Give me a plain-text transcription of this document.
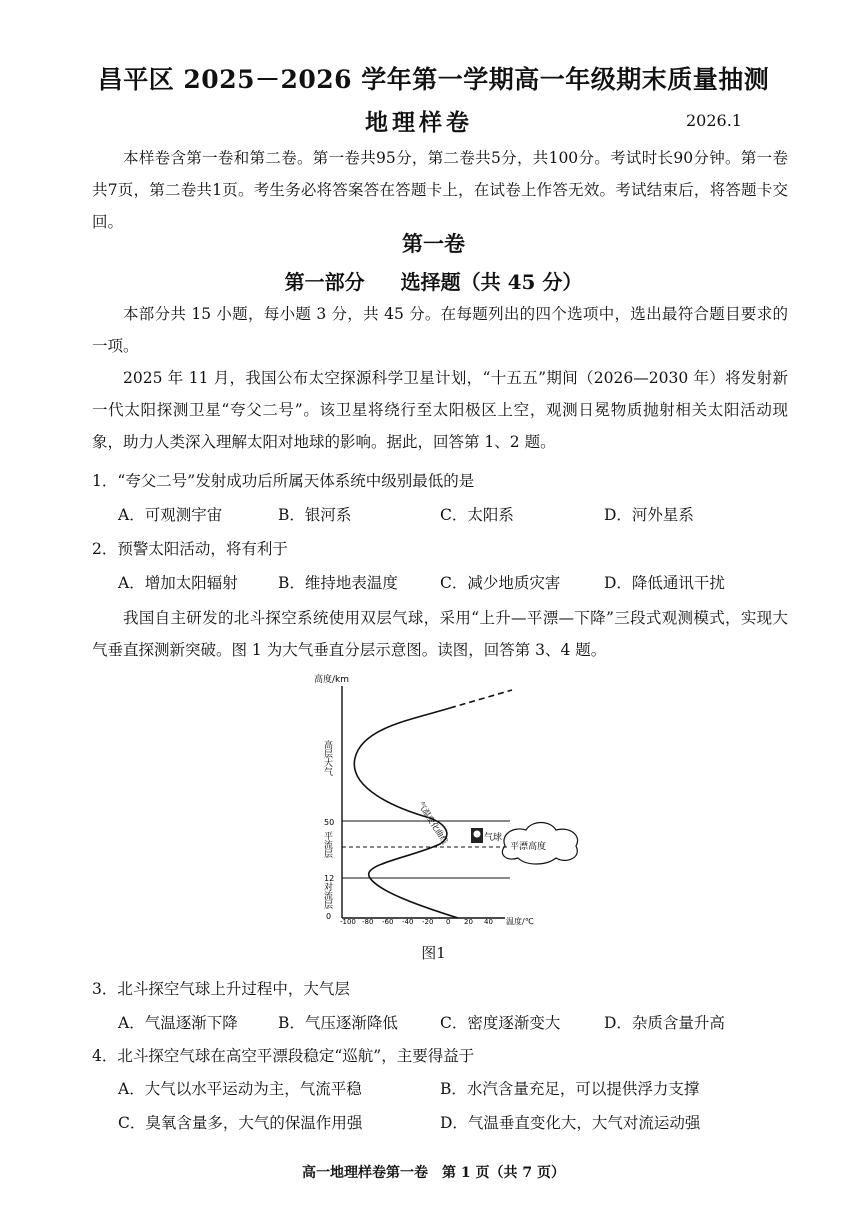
昌平区 2025－2026 学年第一学期高一年级期末质量抽测
地理样卷	2026.1
本样卷含第一卷和第二卷。第一卷共95分，第二卷共5分，共100分。考试时长90分钟。第一卷共7页，第二卷共1页。考生务必将答案答在答题卡上，在试卷上作答无效。考试结束后，将答题卡交回。
第一卷
第一部分 选择题（共 45 分）
本部分共 15 小题，每小题 3 分，共 45 分。在每题列出的四个选项中，选出最符合题目要求的一项。
2025 年 11 月，我国公布太空探源科学卫星计划，“十五五”期间（2026—2030 年）将发射新一代太阳探测卫星“夸父二号”。该卫星将绕行至太阳极区上空，观测日冕物质抛射相关太阳活动现象，助力人类深入理解太阳对地球的影响。据此，回答第 1、2 题。
1．“夸父二号”发射成功后所属天体系统中级别最低的是
A．可观测宇宙	B．银河系	C．太阳系	D．河外星系
2．预警太阳活动，将有利于
A．增加太阳辐射	B．维持地表温度	C．减少地质灾害	D．降低通讯干扰
我国自主研发的北斗探空系统使用双层气球，采用“上升—平漂—下降”三段式观测模式，实现大气垂直探测新突破。图 1 为大气垂直分层示意图。读图，回答第 3、4 题。
高度/km
高层大气
平流层
对流层
50
12
0
气温变化曲线	气球
平漂高度
-100 -80 -60 -40 -20 0 20 40 温度/℃
图1
3．北斗探空气球上升过程中，大气层
A．气温逐渐下降	B．气压逐渐降低	C．密度逐渐变大	D．杂质含量升高
4．北斗探空气球在高空平漂段稳定“巡航”，主要得益于
A．大气以水平运动为主，气流平稳	B．水汽含量充足，可以提供浮力支撑
C．臭氧含量多，大气的保温作用强	D．气温垂直变化大，大气对流运动强
高一地理样卷第一卷　第 1 页（共 7 页）
